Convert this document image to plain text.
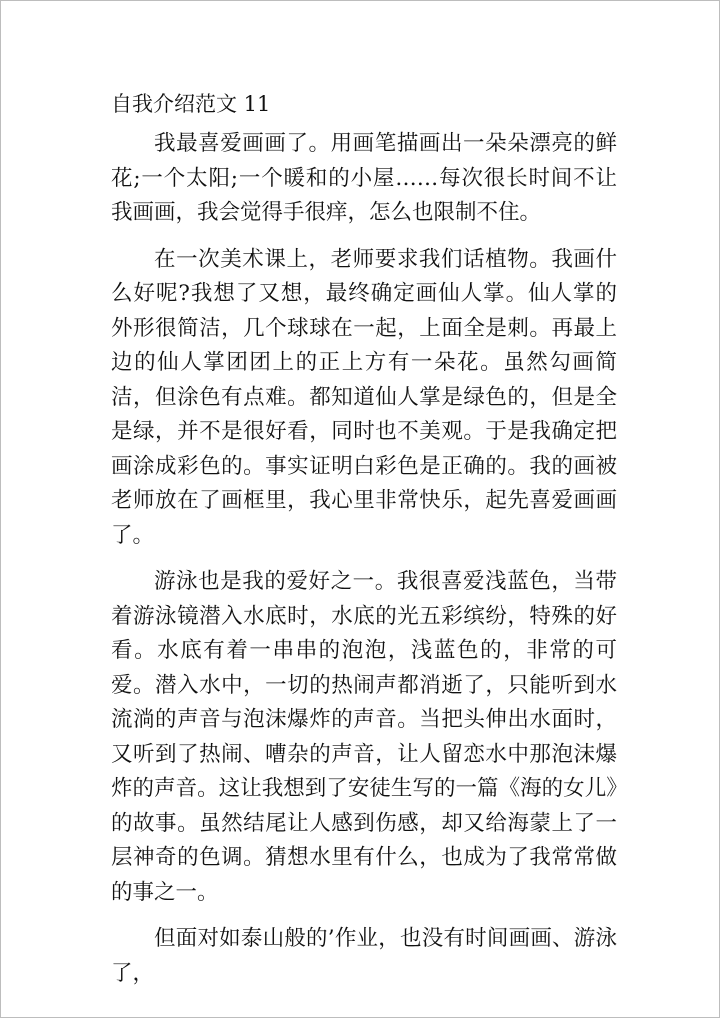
自我介绍范文 11

我最喜爱画画了。用画笔描画出一朵朵漂亮的鲜花;一个太阳;一个暖和的小屋……每次很长时间不让我画画，我会觉得手很痒，怎么也限制不住。

在一次美术课上，老师要求我们话植物。我画什么好呢?我想了又想，最终确定画仙人掌。仙人掌的外形很简洁，几个球球在一起，上面全是刺。再最上边的仙人掌团团上的正上方有一朵花。虽然勾画简洁，但涂色有点难。都知道仙人掌是绿色的，但是全是绿，并不是很好看，同时也不美观。于是我确定把画涂成彩色的。事实证明白彩色是正确的。我的画被老师放在了画框里，我心里非常快乐，起先喜爱画画了。

游泳也是我的爱好之一。我很喜爱浅蓝色，当带着游泳镜潜入水底时，水底的光五彩缤纷，特殊的好看。水底有着一串串的泡泡，浅蓝色的，非常的可爱。潜入水中，一切的热闹声都消逝了，只能听到水流淌的声音与泡沫爆炸的声音。当把头伸出水面时，又听到了热闹、嘈杂的声音，让人留恋水中那泡沫爆炸的声音。这让我想到了安徒生写的一篇《海的女儿》的故事。虽然结尾让人感到伤感，却又给海蒙上了一层神奇的色调。猜想水里有什么，也成为了我常常做的事之一。

但面对如泰山般的’作业，也没有时间画画、游泳了，
